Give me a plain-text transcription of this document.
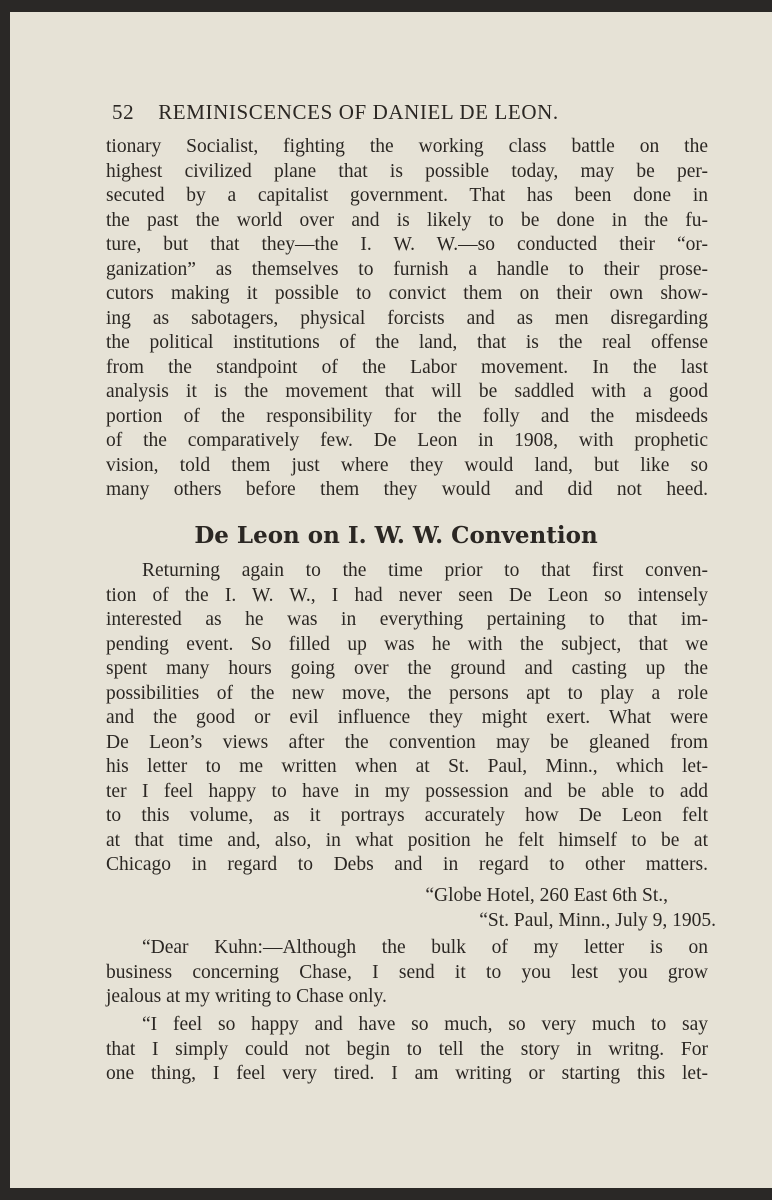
52 REMINISCENCES OF DANIEL DE LEON.
tionary Socialist, fighting the working class battle on the
highest civilized plane that is possible today, may be per-
secuted by a capitalist government. That has been done in
the past the world over and is likely to be done in the fu-
ture, but that they—the I. W. W.—so conducted their “or-
ganization” as themselves to furnish a handle to their prose-
cutors making it possible to convict them on their own show-
ing as sabotagers, physical forcists and as men disregarding
the political institutions of the land, that is the real offense
from the standpoint of the Labor movement. In the last
analysis it is the movement that will be saddled with a good
portion of the responsibility for the folly and the misdeeds
of the comparatively few. De Leon in 1908, with prophetic
vision, told them just where they would land, but like so
many others before them they would and did not heed.
De Leon on I. W. W. Convention
Returning again to the time prior to that first conven-
tion of the I. W. W., I had never seen De Leon so intensely
interested as he was in everything pertaining to that im-
pending event. So filled up was he with the subject, that we
spent many hours going over the ground and casting up the
possibilities of the new move, the persons apt to play a role
and the good or evil influence they might exert. What were
De Leon’s views after the convention may be gleaned from
his letter to me written when at St. Paul, Minn., which let-
ter I feel happy to have in my possession and be able to add
to this volume, as it portrays accurately how De Leon felt
at that time and, also, in what position he felt himself to be at
Chicago in regard to Debs and in regard to other matters.
“Globe Hotel, 260 East 6th St.,
“St. Paul, Minn., July 9, 1905.
“Dear Kuhn:—Although the bulk of my letter is on
business concerning Chase, I send it to you lest you grow
jealous at my writing to Chase only.
“I feel so happy and have so much, so very much to say
that I simply could not begin to tell the story in writng. For
one thing, I feel very tired. I am writing or starting this let-
